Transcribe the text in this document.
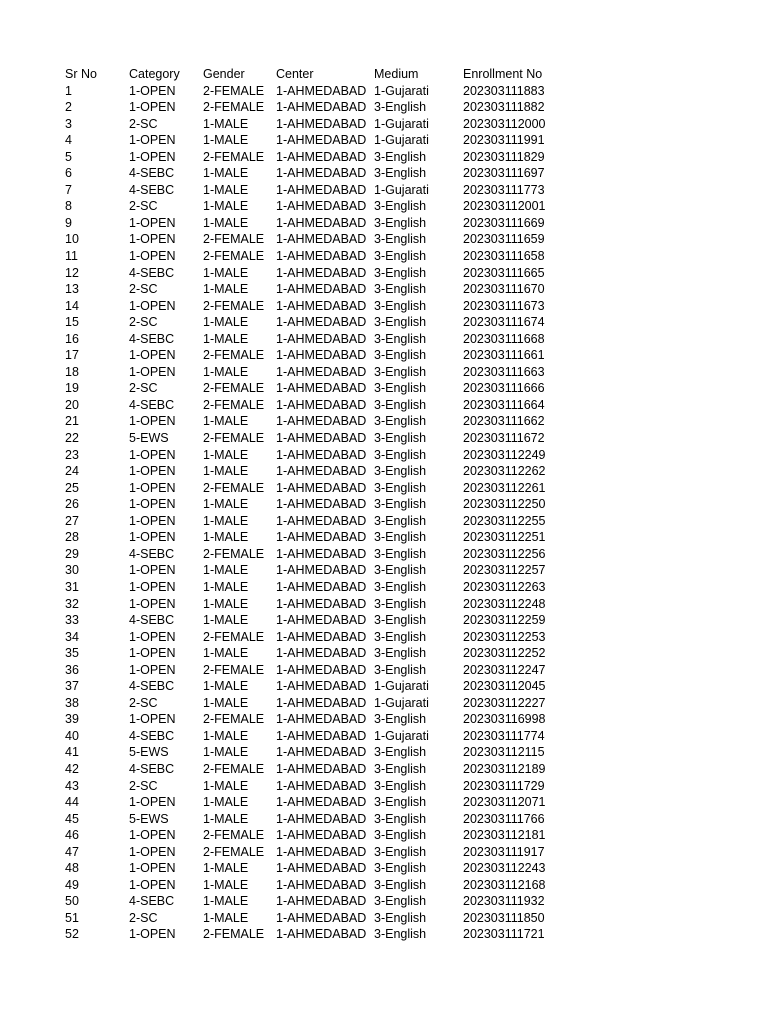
Sr No	Category	Gender	Center	Medium	Enrollment No
1	1-OPEN	2-FEMALE	1-AHMEDABAD	1-Gujarati	202303111883
2	1-OPEN	2-FEMALE	1-AHMEDABAD	3-English	202303111882
3	2-SC	1-MALE	1-AHMEDABAD	1-Gujarati	202303112000
4	1-OPEN	1-MALE	1-AHMEDABAD	1-Gujarati	202303111991
5	1-OPEN	2-FEMALE	1-AHMEDABAD	3-English	202303111829
6	4-SEBC	1-MALE	1-AHMEDABAD	3-English	202303111697
7	4-SEBC	1-MALE	1-AHMEDABAD	1-Gujarati	202303111773
8	2-SC	1-MALE	1-AHMEDABAD	3-English	202303112001
9	1-OPEN	1-MALE	1-AHMEDABAD	3-English	202303111669
10	1-OPEN	2-FEMALE	1-AHMEDABAD	3-English	202303111659
11	1-OPEN	2-FEMALE	1-AHMEDABAD	3-English	202303111658
12	4-SEBC	1-MALE	1-AHMEDABAD	3-English	202303111665
13	2-SC	1-MALE	1-AHMEDABAD	3-English	202303111670
14	1-OPEN	2-FEMALE	1-AHMEDABAD	3-English	202303111673
15	2-SC	1-MALE	1-AHMEDABAD	3-English	202303111674
16	4-SEBC	1-MALE	1-AHMEDABAD	3-English	202303111668
17	1-OPEN	2-FEMALE	1-AHMEDABAD	3-English	202303111661
18	1-OPEN	1-MALE	1-AHMEDABAD	3-English	202303111663
19	2-SC	2-FEMALE	1-AHMEDABAD	3-English	202303111666
20	4-SEBC	2-FEMALE	1-AHMEDABAD	3-English	202303111664
21	1-OPEN	1-MALE	1-AHMEDABAD	3-English	202303111662
22	5-EWS	2-FEMALE	1-AHMEDABAD	3-English	202303111672
23	1-OPEN	1-MALE	1-AHMEDABAD	3-English	202303112249
24	1-OPEN	1-MALE	1-AHMEDABAD	3-English	202303112262
25	1-OPEN	2-FEMALE	1-AHMEDABAD	3-English	202303112261
26	1-OPEN	1-MALE	1-AHMEDABAD	3-English	202303112250
27	1-OPEN	1-MALE	1-AHMEDABAD	3-English	202303112255
28	1-OPEN	1-MALE	1-AHMEDABAD	3-English	202303112251
29	4-SEBC	2-FEMALE	1-AHMEDABAD	3-English	202303112256
30	1-OPEN	1-MALE	1-AHMEDABAD	3-English	202303112257
31	1-OPEN	1-MALE	1-AHMEDABAD	3-English	202303112263
32	1-OPEN	1-MALE	1-AHMEDABAD	3-English	202303112248
33	4-SEBC	1-MALE	1-AHMEDABAD	3-English	202303112259
34	1-OPEN	2-FEMALE	1-AHMEDABAD	3-English	202303112253
35	1-OPEN	1-MALE	1-AHMEDABAD	3-English	202303112252
36	1-OPEN	2-FEMALE	1-AHMEDABAD	3-English	202303112247
37	4-SEBC	1-MALE	1-AHMEDABAD	1-Gujarati	202303112045
38	2-SC	1-MALE	1-AHMEDABAD	1-Gujarati	202303112227
39	1-OPEN	2-FEMALE	1-AHMEDABAD	3-English	202303116998
40	4-SEBC	1-MALE	1-AHMEDABAD	1-Gujarati	202303111774
41	5-EWS	1-MALE	1-AHMEDABAD	3-English	202303112115
42	4-SEBC	2-FEMALE	1-AHMEDABAD	3-English	202303112189
43	2-SC	1-MALE	1-AHMEDABAD	3-English	202303111729
44	1-OPEN	1-MALE	1-AHMEDABAD	3-English	202303112071
45	5-EWS	1-MALE	1-AHMEDABAD	3-English	202303111766
46	1-OPEN	2-FEMALE	1-AHMEDABAD	3-English	202303112181
47	1-OPEN	2-FEMALE	1-AHMEDABAD	3-English	202303111917
48	1-OPEN	1-MALE	1-AHMEDABAD	3-English	202303112243
49	1-OPEN	1-MALE	1-AHMEDABAD	3-English	202303112168
50	4-SEBC	1-MALE	1-AHMEDABAD	3-English	202303111932
51	2-SC	1-MALE	1-AHMEDABAD	3-English	202303111850
52	1-OPEN	2-FEMALE	1-AHMEDABAD	3-English	202303111721
